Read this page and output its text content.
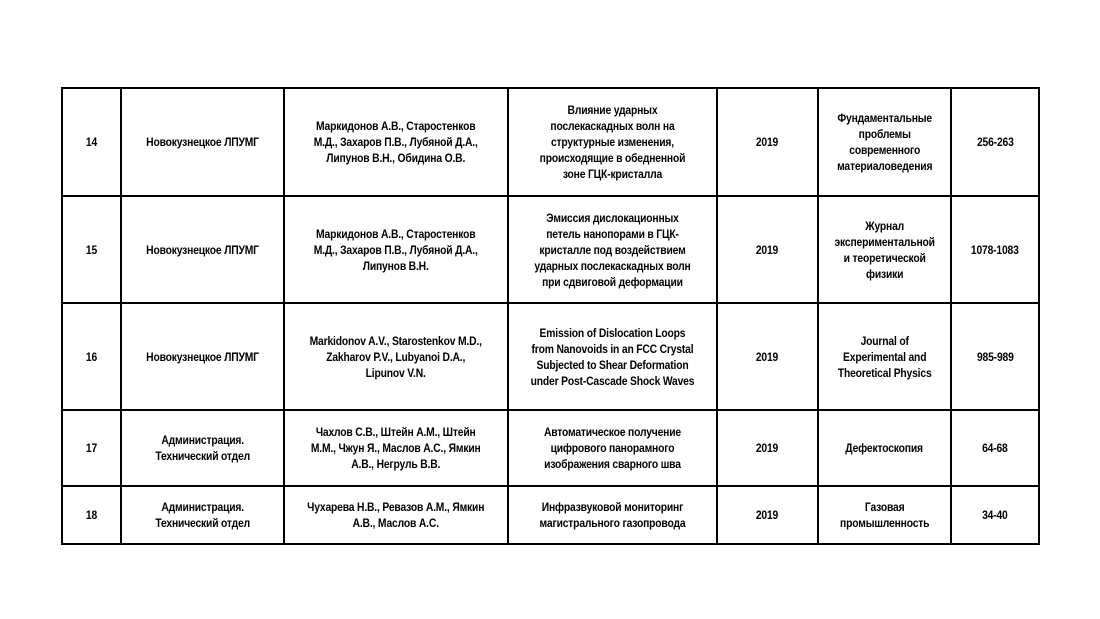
14	Новокузнецкое ЛПУМГ	Маркидонов А.В., Старостенков М.Д., Захаров П.В., Лубяной Д.А., Липунов В.Н., Обидина О.В.	Влияние ударных послекаскадных волн на структурные изменения, происходящие в обедненной зоне ГЦК-кристалла	2019	Фундаментальные проблемы современного материаловедения	256-263
15	Новокузнецкое ЛПУМГ	Маркидонов А.В., Старостенков М.Д., Захаров П.В., Лубяной Д.А., Липунов В.Н.	Эмиссия дислокационных петель нанопорами в ГЦК-кристалле под воздействием ударных послекаскадных волн при сдвиговой деформации	2019	Журнал экспериментальной и теоретической физики	1078-1083
16	Новокузнецкое ЛПУМГ	Markidonov A.V., Starostenkov M.D., Zakharov P.V., Lubyanoi D.A., Lipunov V.N.	Emission of Dislocation Loops from Nanovoids in an FCC Crystal Subjected to Shear Deformation under Post-Cascade Shock Waves	2019	Journal of Experimental and Theoretical Physics	985-989
17	Администрация. Технический отдел	Чахлов С.В., Штейн А.М., Штейн М.М., Чжун Я., Маслов А.С., Ямкин А.В., Негруль В.В.	Автоматическое получение цифрового панорамного изображения сварного шва	2019	Дефектоскопия	64-68
18	Администрация. Технический отдел	Чухарева Н.В., Ревазов А.М., Ямкин А.В., Маслов А.С.	Инфразвуковой мониторинг магистрального газопровода	2019	Газовая промышленность	34-40
